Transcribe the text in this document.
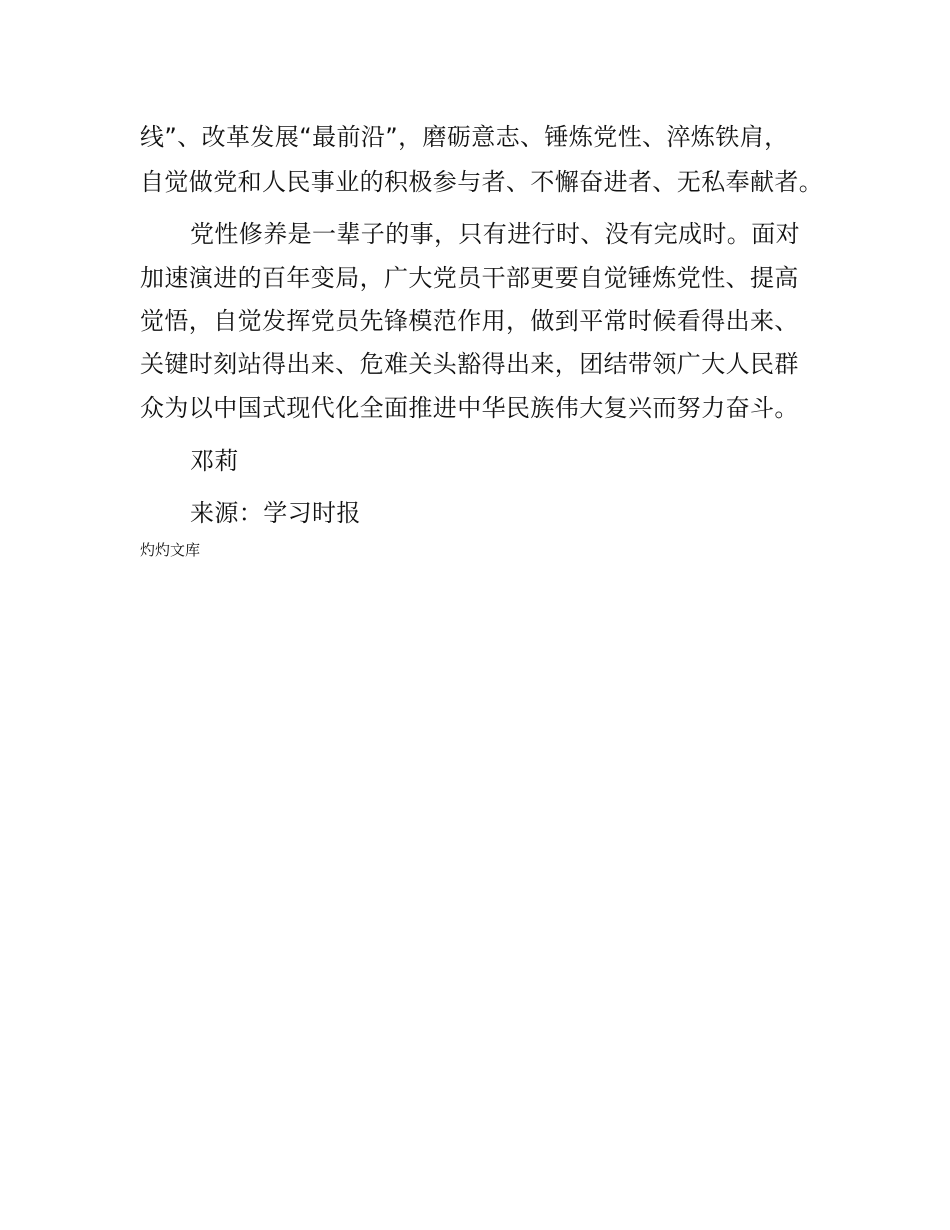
线”、改革发展“最前沿”，磨砺意志、锤炼党性、淬炼铁肩，
自觉做党和人民事业的积极参与者、不懈奋进者、无私奉献者。
党性修养是一辈子的事，只有进行时、没有完成时。面对
加速演进的百年变局，广大党员干部更要自觉锤炼党性、提高
觉悟，自觉发挥党员先锋模范作用，做到平常时候看得出来、
关键时刻站得出来、危难关头豁得出来，团结带领广大人民群
众为以中国式现代化全面推进中华民族伟大复兴而努力奋斗。
邓莉
来源：学习时报
灼灼文库
